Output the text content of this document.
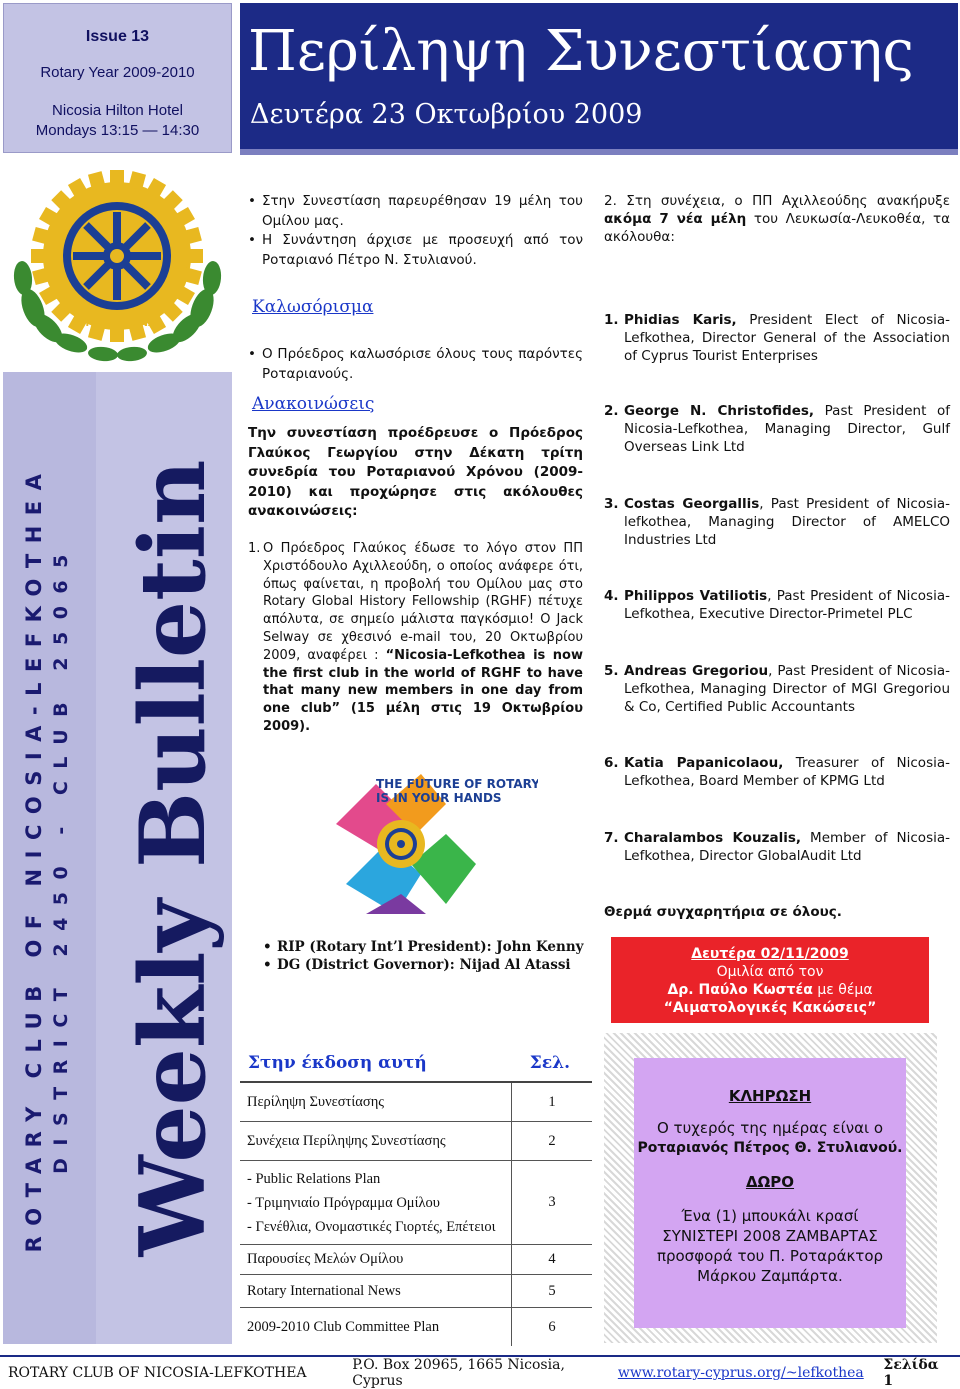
Issue 13
Rotary Year 2009-2010
Nicosia Hilton Hotel
Mondays 13:15 — 14:30
ROTARY
INTERNATIONAL
ROTARY CLUB OF NICOSIA-LEFKOTHEA DISTRICT 2450 - CLUB 25065 Weekly Bulletin
Περίληψη Συνεστίασης
Δευτέρα 23 Οκτωβρίου 2009
• Στην Συνεστίαση παρευρέθησαν 19 μέλη του Ομίλου μας.
• Η Συνάντηση άρχισε με προσευχή από τον Ρoταριανό Πέτρο Ν. Στυλιανού.
Καλωσόρισμα
• Ο Πρόεδρος καλωσόρισε όλους τους παρόντες Ροταριανούς.
Ανακοινώσεις
Την συνεστίαση προέδρευσε ο Πρόεδρος Γλαύκος Γεωργίου στην Δέκατη τρίτη συνεδρία του Ροταριανού Χρόνου (2009-2010) και προχώρησε στις ακόλουθες ανακοινώσεις:
1. Ο Πρόεδρος Γλαύκος έδωσε το λόγο στον ΠΠ Χριστόδουλο Αχιλλεούδη, ο οποίος ανάφερε ότι, όπως φαίνεται, η προβολή του Ομίλου μας στο Rotary Global History Fellowship (RGHF) πέτυχε απόλυτα, σε σημείο μάλιστα παγκόσμιο! Ο Jack Selway σε χθεσινό e-mail του, 20 Οκτωβρίου 2009, αναφέρει : “Nicosia-Lefkothea is now the first club in the world of RGHF to have that many new members in one day from one club” (15 μέλη στις 19 Οκτωβρίου 2009).
THE FUTURE OF ROTARY
IS IN YOUR HANDS
• RIP (Rotary Int’l President): John Kenny
• DG (District Governor): Nijad Al Atassi
Στην έκδοση αυτή	Σελ.
Περίληψη Συνεστίασης	1
Συνέχεια Περίληψης Συνεστίασης	2
- Public Relations Plan
- Τριμηνιαίο Πρόγραμμα Ομίλου
- Γενέθλια, Ονομαστικές Γιορτές, Επέτειοι
3
Παρουσίες Μελών Ομίλου	4
Rotary International News	5
2009-2010 Club Committee Plan	6
2. Στη συνέχεια, ο ΠΠ Αχιλλεούδης ανακήρυξε ακόμα 7 νέα μέλη του Λευκωσία-Λευκοθέα, τα ακόλουθα:
1. Phidias Karis, President Elect of Nicosia-Lefkothea, Director General of the Association of Cyprus Tourist Enterprises
2. George N. Christofides, Past President of Nicosia-Lefkothea, Managing Director, Gulf Overseas Link Ltd
3. Costas Georgallis, Past President of Nicosia-lefkothea, Managing Director of AMELCO Industries Ltd
4. Philippos Vatiliotis, Past President of Nicosia-Lefkothea, Executive Director-Primetel PLC
5. Andreas Gregoriou, Past President of Nicosia-Lefkothea, Managing Director of MGI Gregoriou & Co, Certified Public Accountants
6. Katia Papanicolaou, Treasurer of Nicosia-Lefkothea, Board Member of KPMG Ltd
7. Charalambos Kouzalis, Member of Nicosia-Lefkothea, Director GlobalAudit Ltd
Θερμά συγχαρητήρια σε όλους.
Δευτέρα 02/11/2009
Ομιλία από τον
Δρ. Παύλο Κωστέα με θέμα
“Αιματολογικές Κακώσεις”
ΚΛΗΡΩΣΗ
Ο τυχερός της ημέρας είναι ο
Ροταριανός Πέτρος Θ. Στυλιανού.
ΔΩΡΟ
Ένα (1) μπουκάλι κρασί ΣΥΝΙΣΤΕΡΙ 2008 ΖΑΜΒΑΡΤΑΣ προσφορά του Π. Ροταράκτορ Μάρκου Ζαμπάρτα.
ROTARY CLUB OF NICOSIA-LEFKOTHEA	P.O. Box 20965, 1665 Nicosia, Cyprus	www.rotary-cyprus.org/~lefkothea	Σελίδα 1
